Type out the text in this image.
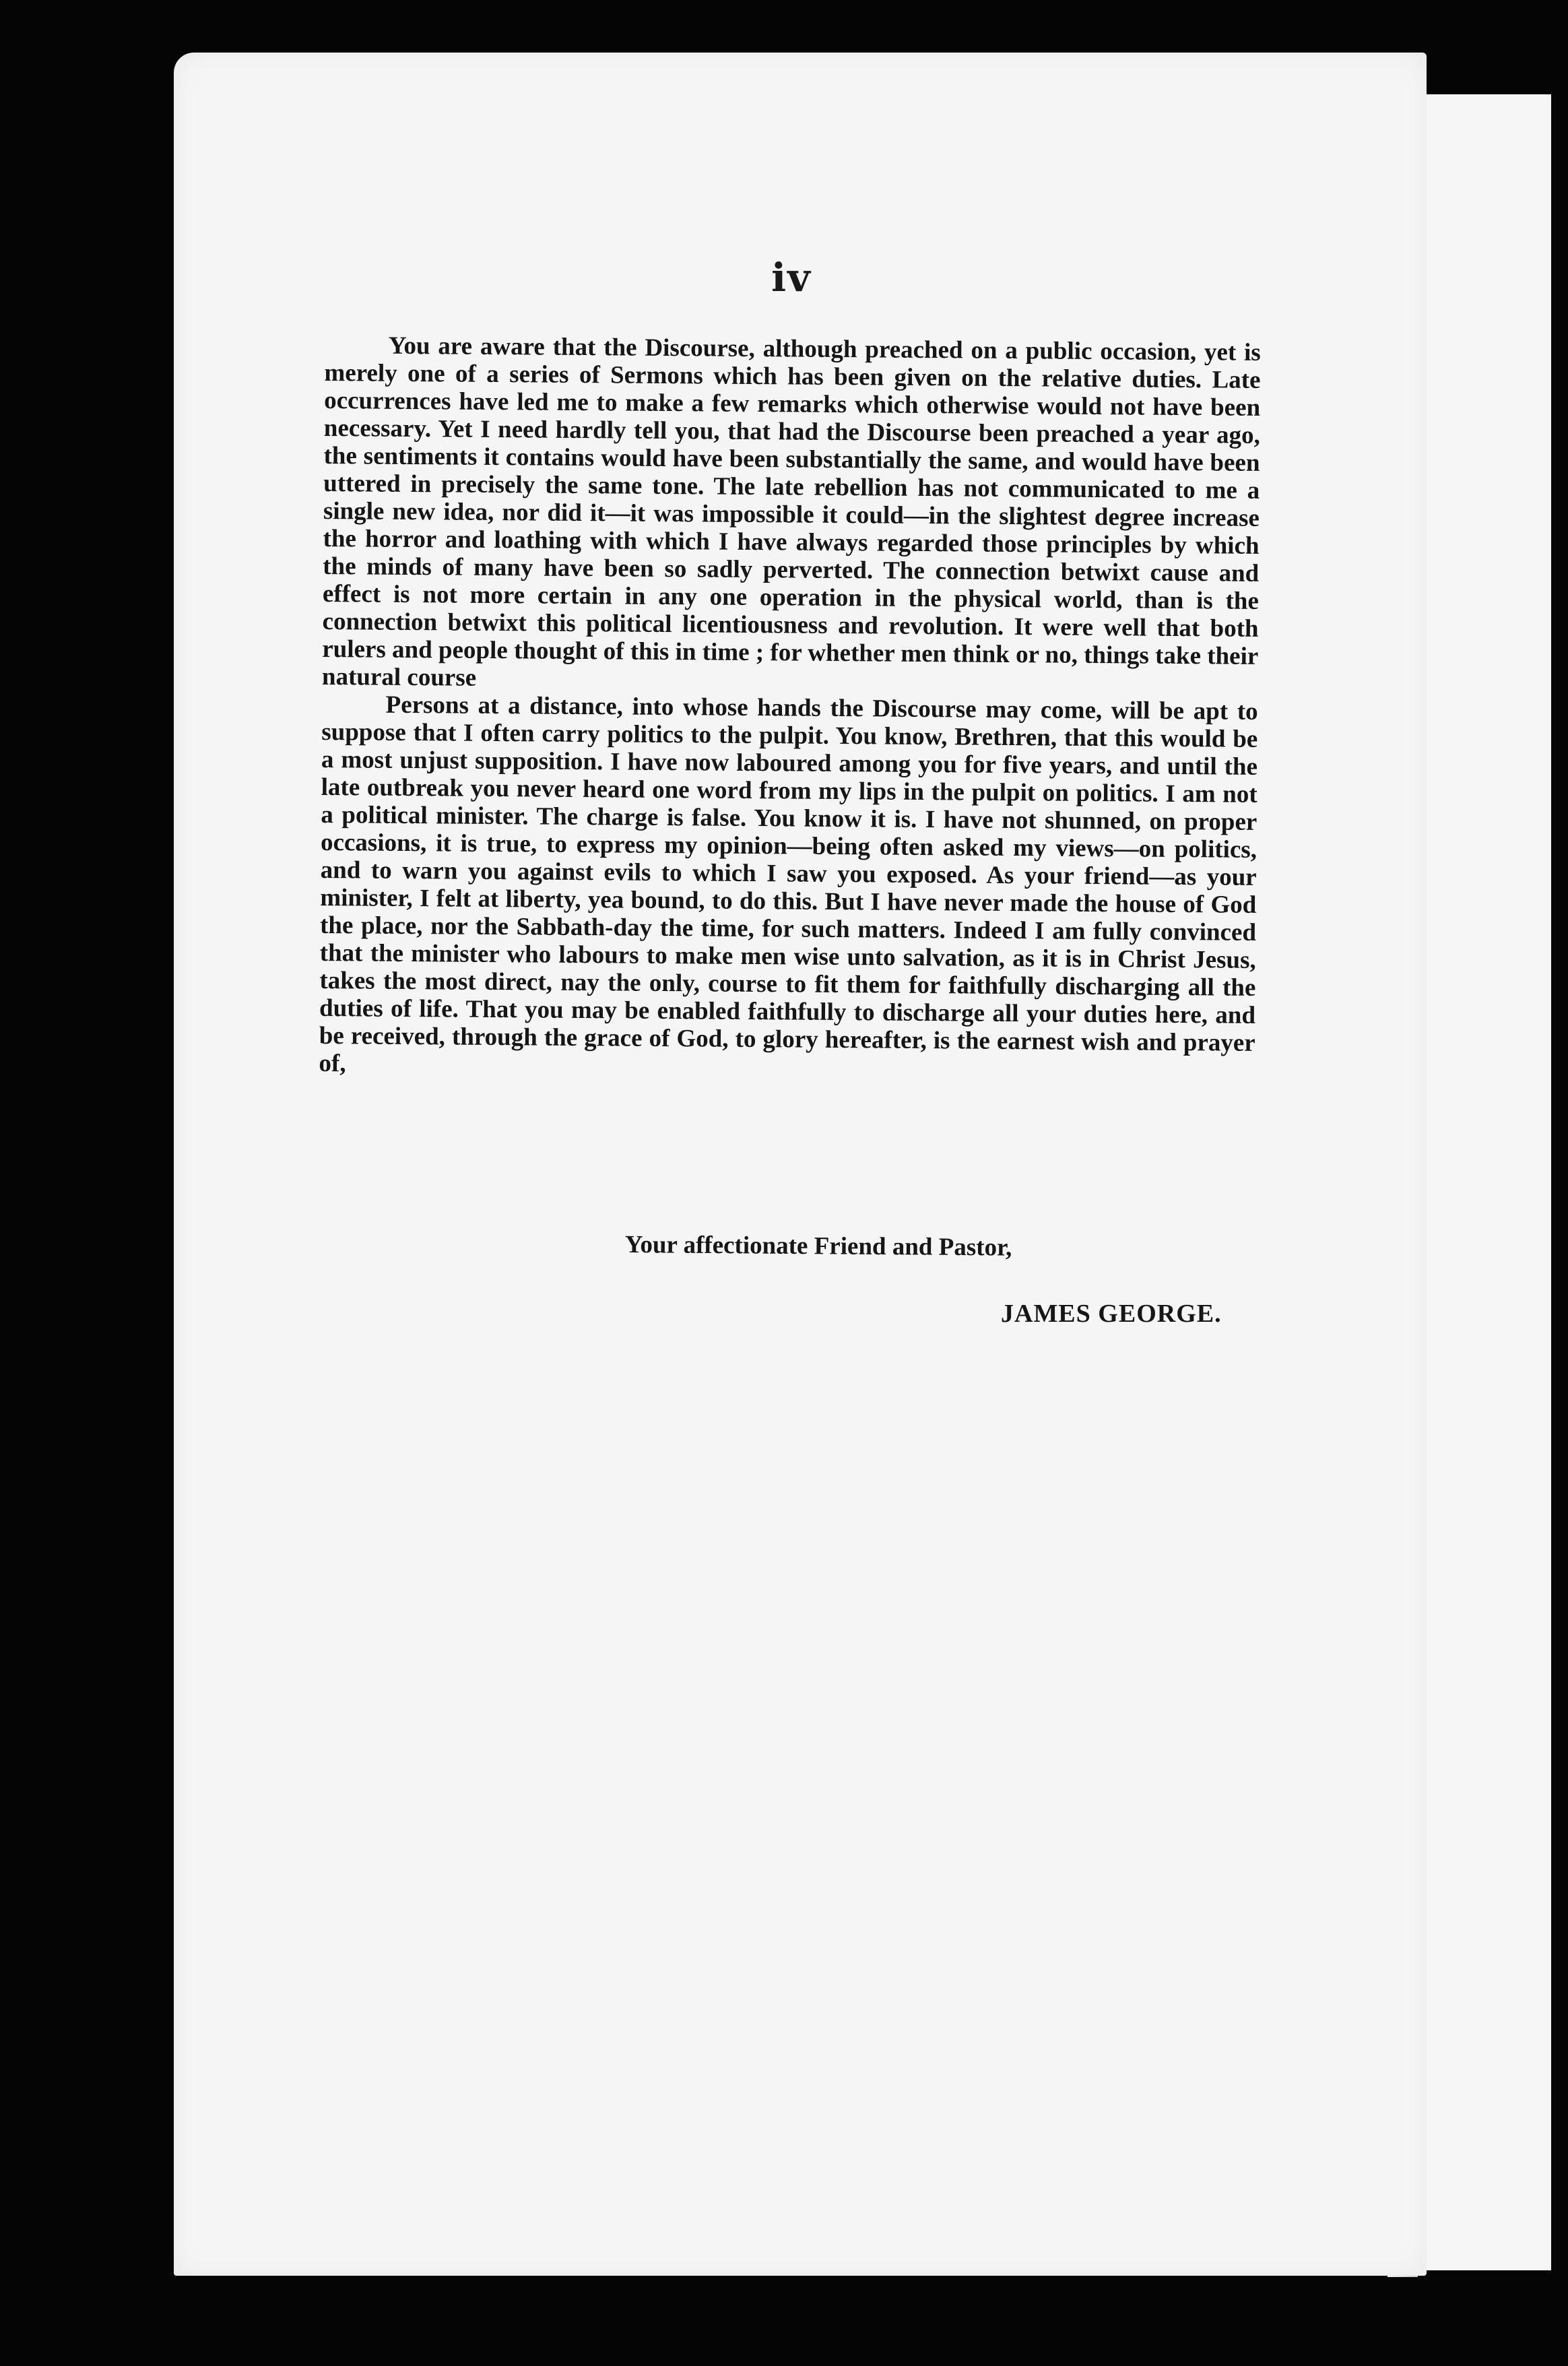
iv

You are aware that the Discourse, although preached on a public occasion, yet is merely one of a series of Sermons which has been given on the relative duties. Late occurrences have led me to make a few remarks which otherwise would not have been necessary. Yet I need hardly tell you, that had the Discourse been preached a year ago, the sentiments it contains would have been substantially the same, and would have been uttered in precisely the same tone. The late rebellion has not communicated to me a single new idea, nor did it—it was impossible it could—in the slightest degree increase the horror and loathing with which I have always regarded those principles by which the minds of many have been so sadly perverted. The connection betwixt cause and effect is not more certain in any one operation in the physical world, than is the connection betwixt this political licentiousness and revolution. It were well that both rulers and people thought of this in time ; for whether men think or no, things take their natural course

Persons at a distance, into whose hands the Discourse may come, will be apt to suppose that I often carry politics to the pulpit. You know, Brethren, that this would be a most unjust supposition. I have now laboured among you for five years, and until the late outbreak you never heard one word from my lips in the pulpit on politics. I am not a political minister. The charge is false. You know it is. I have not shunned, on proper occasions, it is true, to express my opinion—being often asked my views—on politics, and to warn you against evils to which I saw you exposed. As your friend—as your minister, I felt at liberty, yea bound, to do this. But I have never made the house of God the place, nor the Sabbath-day the time, for such matters. Indeed I am fully convinced that the minister who labours to make men wise unto salvation, as it is in Christ Jesus, takes the most direct, nay the only, course to fit them for faithfully discharging all the duties of life. That you may be enabled faithfully to discharge all your duties here, and be received, through the grace of God, to glory hereafter, is the earnest wish and prayer of,

Your affectionate Friend and Pastor,
JAMES GEORGE.
